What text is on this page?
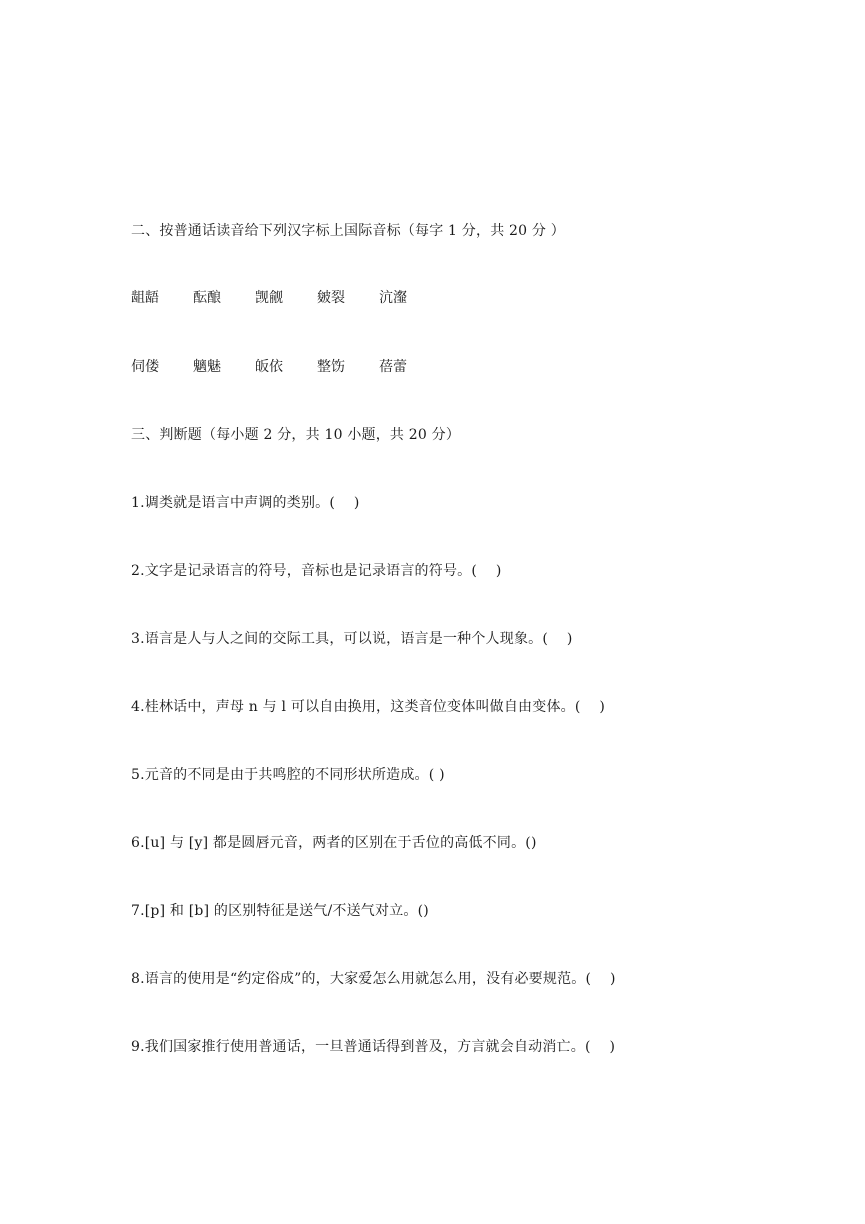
二、按普通话读音给下列汉字标上国际音标（每字 1 分，共 20 分 ）
龃龉	酝酿	觊觎	皴裂	沆瀣
伺偻	魑魅	皈依	整饬	蓓蕾
三、判断题（每小题 2 分，共 10 小题，共 20 分）
1.调类就是语言中声调的类别。(　 )
2.文字是记录语言的符号，音标也是记录语言的符号。(　 )
3.语言是人与人之间的交际工具，可以说，语言是一种个人现象。(　 )
4.桂林话中，声母 n 与 l 可以自由换用，这类音位变体叫做自由变体。(　 )
5.元音的不同是由于共鸣腔的不同形状所造成。( )
6.[u] 与 [y] 都是圆唇元音，两者的区别在于舌位的高低不同。()
7.[p] 和 [b] 的区别特征是送气/不送气对立。()
8.语言的使用是“约定俗成”的，大家爱怎么用就怎么用，没有必要规范。(　 )
9.我们国家推行使用普通话，一旦普通话得到普及，方言就会自动消亡。(　 )
